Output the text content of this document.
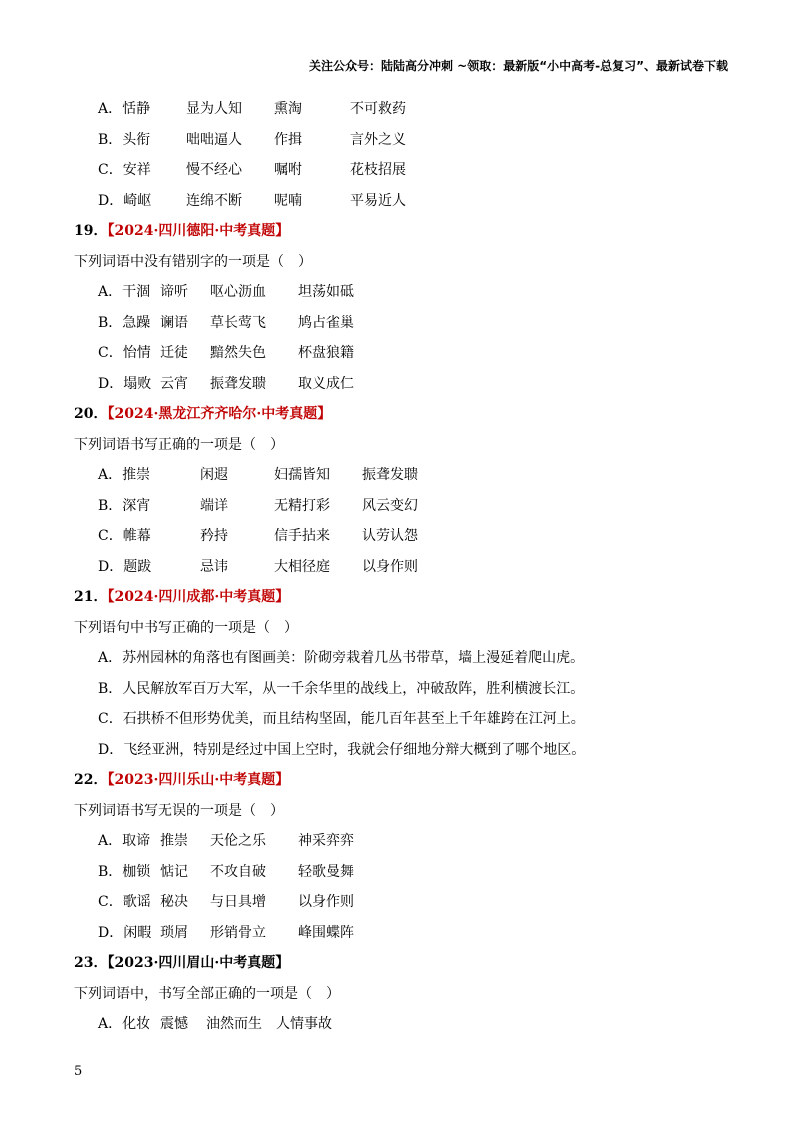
关注公众号：陆陆高分冲刺 ~领取：最新版“小中高考-总复习”、最新试卷下载
A．恬静	显为人知 熏淘	不可救药
B．头衔	咄咄逼人 作揖	言外之义
C．安祥	慢不经心 嘱咐	花枝招展
D．崎岖 连绵不断 呢喃	平易近人
19．【2024·四川德阳·中考真题】
下列词语中没有错别字的一项是（　）
A．干涸 谛听 呕心沥血 坦荡如砥
B．急躁 谰语 草长莺飞 鸠占雀巢
C．怡情 迁徒 黯然失色 杯盘狼籍
D．塌败 云宵 振聋发聩 取义成仁
20．【2024·黑龙江齐齐哈尔·中考真题】
下列词语书写正确的一项是（　）
A．推崇	闲遐	妇孺皆知 振聋发聩
B．深宵	端详	无精打彩 风云变幻
C．帷幕	矜持	信手拈来 认劳认怨
D．题跋	忌讳	大相径庭 以身作则
21．【2024·四川成都·中考真题】
下列语句中书写正确的一项是（　）
A．苏州园林的角落也有图画美：阶砌旁栽着几丛书带草，墙上漫延着爬山虎。
B．人民解放军百万大军，从一千余华里的战线上，冲破敌阵，胜利横渡长江。
C．石拱桥不但形势优美，而且结构坚固，能几百年甚至上千年雄跨在江河上。
D．飞经亚洲，特别是经过中国上空时，我就会仔细地分辩大概到了哪个地区。
22．【2023·四川乐山·中考真题】
下列词语书写无误的一项是（　）
A．取谛 推崇 天伦之乐 神采弈弈
B．枷锁 惦记 不攻自破 轻歌曼舞
C．歌谣 秘决 与日具增 以身作则
D．闲暇 琐屑 形销骨立 峰围蝶阵
23．【2023·四川眉山·中考真题】
下列词语中，书写全部正确的一项是（　）
A．化妆 震憾 油然而生 人情事故
5
